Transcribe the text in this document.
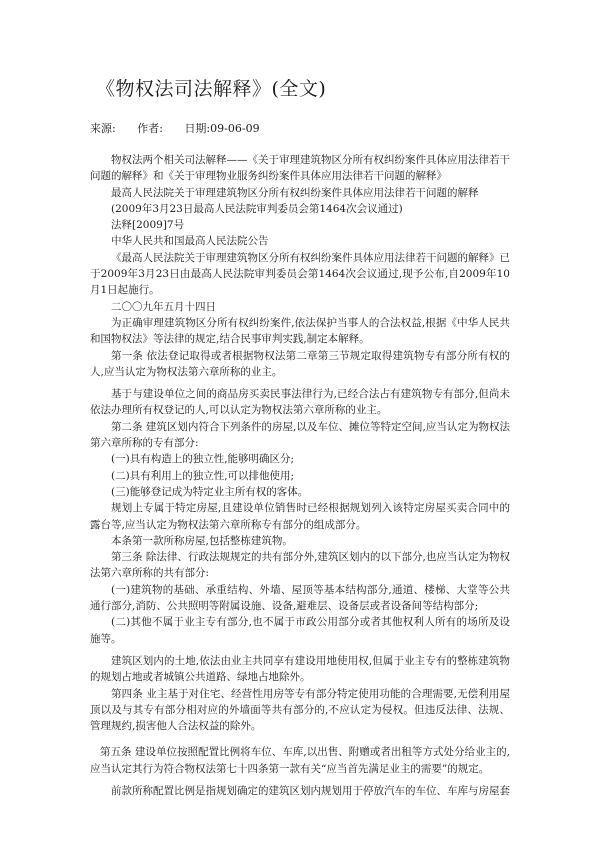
《物权法司法解释》(全文)
来源: 作者: 日期:09-06-09

物权法两个相关司法解释——《关于审理建筑物区分所有权纠纷案件具体应用法律若干问题的解释》和《关于审理物业服务纠纷案件具体应用法律若干问题的解释》

最高人民法院关于审理建筑物区分所有权纠纷案件具体应用法律若干问题的解释

(2009年3月23日最高人民法院审判委员会第1464次会议通过)

法释[2009]7号

中华人民共和国最高人民法院公告

《最高人民法院关于审理建筑物区分所有权纠纷案件具体应用法律若干问题的解释》已于2009年3月23日由最高人民法院审判委员会第1464次会议通过,现予公布,自2009年10月1日起施行。

二〇〇九年五月十四日

为正确审理建筑物区分所有权纠纷案件,依法保护当事人的合法权益,根据《中华人民共和国物权法》等法律的规定,结合民事审判实践,制定本解释。

第一条 依法登记取得或者根据物权法第二章第三节规定取得建筑物专有部分所有权的人,应当认定为物权法第六章所称的业主。

基于与建设单位之间的商品房买卖民事法律行为,已经合法占有建筑物专有部分,但尚未依法办理所有权登记的人,可以认定为物权法第六章所称的业主。

第二条 建筑区划内符合下列条件的房屋,以及车位、摊位等特定空间,应当认定为物权法第六章所称的专有部分:

(一)具有构造上的独立性,能够明确区分;

(二)具有利用上的独立性,可以排他使用;

(三)能够登记成为特定业主所有权的客体。

规划上专属于特定房屋,且建设单位销售时已经根据规划列入该特定房屋买卖合同中的露台等,应当认定为物权法第六章所称专有部分的组成部分。

本条第一款所称房屋,包括整栋建筑物。

第三条 除法律、行政法规规定的共有部分外,建筑区划内的以下部分,也应当认定为物权法第六章所称的共有部分:

(一)建筑物的基础、承重结构、外墙、屋顶等基本结构部分,通道、楼梯、大堂等公共通行部分,消防、公共照明等附属设施、设备,避难层、设备层或者设备间等结构部分;

(二)其他不属于业主专有部分,也不属于市政公用部分或者其他权利人所有的场所及设施等。

建筑区划内的土地,依法由业主共同享有建设用地使用权,但属于业主专有的整栋建筑物的规划占地或者城镇公共道路、绿地占地除外。

第四条 业主基于对住宅、经营性用房等专有部分特定使用功能的合理需要,无偿利用屋顶以及与其专有部分相对应的外墙面等共有部分的,不应认定为侵权。但违反法律、法规、管理规约,损害他人合法权益的除外。

第五条 建设单位按照配置比例将车位、车库,以出售、附赠或者出租等方式处分给业主的,应当认定其行为符合物权法第七十四条第一款有关“应当首先满足业主的需要”的规定。

前款所称配置比例是指规划确定的建筑区划内规划用于停放汽车的车位、车库与房屋套
